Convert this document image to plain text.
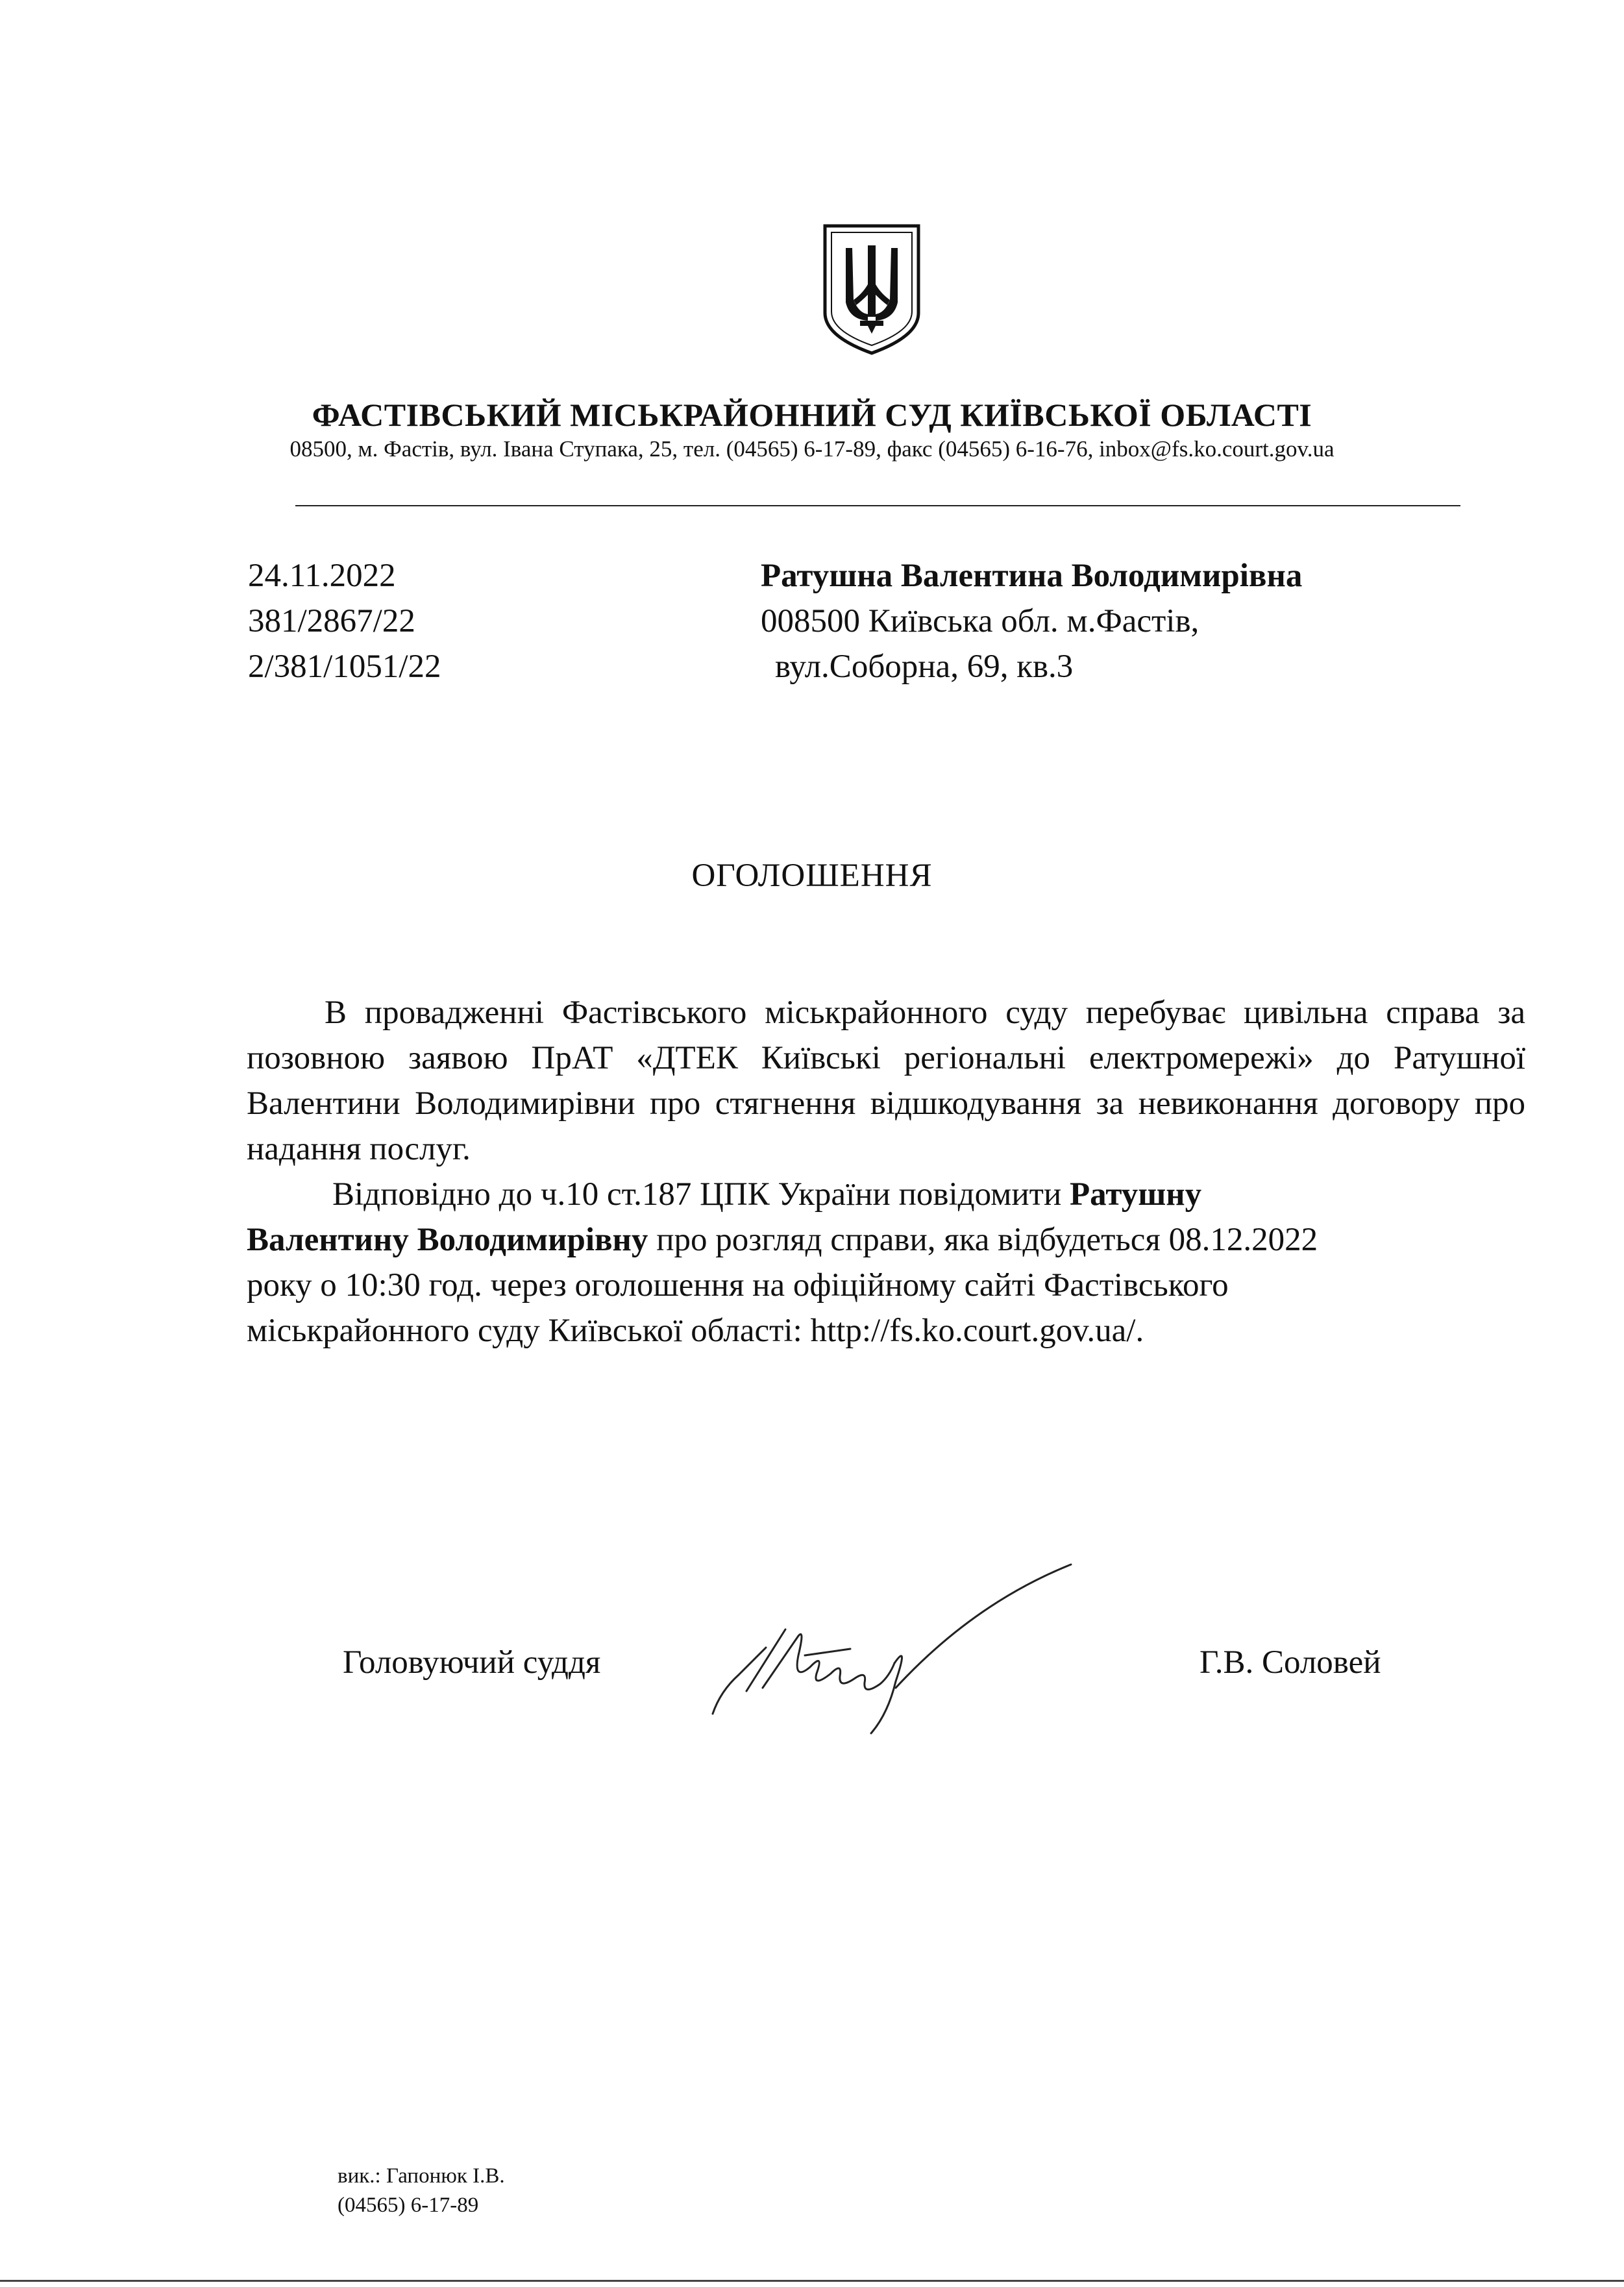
ФАСТІВСЬКИЙ МІСЬКРАЙОННИЙ СУД КИЇВСЬКОЇ ОБЛАСТІ
08500, м. Фастів, вул. Івана Ступака, 25, тел. (04565) 6-17-89, факс (04565) 6-16-76, inbox@fs.ko.court.gov.ua
24.11.2022
381/2867/22
2/381/1051/22
Ратушна Валентина Володимирівна
008500 Київська обл. м.Фастів,
вул.Соборна, 69, кв.3
ОГОЛОШЕННЯ

В провадженні Фастівського міськрайонного суду перебуває цивільна справа за позовною заявою ПрАТ «ДТЕК Київські регіональні електромережі» до Ратушної Валентини Володимирівни про стягнення відшкодування за невиконання договору про надання послуг.

Відповідно до ч.10 ст.187 ЦПК України повідомити Ратушну
Валентину Володимирівну про розгляд справи, яка відбудеться 08.12.2022
року о 10:30 год. через оголошення на офіційному сайті Фастівського
міськрайонного суду Київської області: http://fs.ko.court.gov.ua/.

Головуючий суддя	Г.В. Соловей
вик.: Гапонюк І.В.
(04565) 6-17-89
